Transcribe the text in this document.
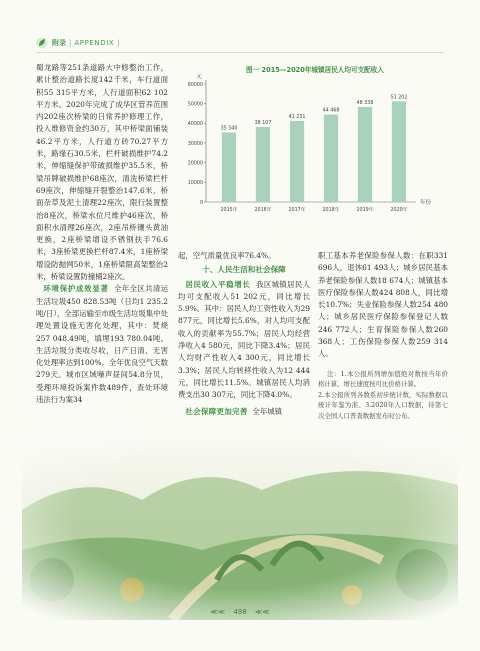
附录 | APPENDIX |

蜀龙路等251条道路大中修整治工作，累计整治道路长度142千米，车行道面积55 315平方米，人行道面积62 102平方米。2020年完成了成华区管养范围内202座次桥梁的日常养护修理工作，投入维修资金约30万，其中桥梁面铺装46.2平方米，人行道方砖70.27平方米，路缘石30.5米，栏杆破损维护74.2米，伸缩缝保护带破损维护35.5米，桥梁吊牌破损维护68座次，清洗桥梁栏杆69座次，伸缩缝开裂整治147.6米，桥面杂草及泥土清理22座次，限行装置整治8座次，桥梁水位尺维护46座次，桥面积水清理26座次，2座吊桥镶头黄油更换，2座桥梁增设不锈钢扶手76.6米，3座桥梁更换栏杆87.4米，1座桥梁增设防抛网50米，1座桥梁限高架整治2米，桥梁设置防撞桶2座次。

环境保护成效显著 全年全区共清运生活垃圾450 828.53吨（日均1 235.2吨/日），全部运输至市级生活垃圾集中处理处置设施无害化处理，其中：焚烧257 048.49吨，填埋193 780.04吨。生活垃圾分类收尽收，日产日清，无害化处理率达到100%。全年优良空气天数279天。城市区域噪声昼间54.8分贝，受理环境投诉案件数489件，查处环境违法行为案34

图一 2015—2020年城镇居民人均可支配收入
元
年份
0
10000
20000
30000
40000
50000
60000
35 340
2015年
38 107
2016年
41 231
2017年
44 468
2018年
48 338
2019年
51 202
2020年

起，空气质量优良率76.4%。

十、人民生活和社会保障

居民收入平稳增长 我区城镇居民人均可支配收入51 202元，同比增长5.9%。其中：居民人均工资性收入为29 877元，同比增长5.6%，对人均可支配收入的贡献率为55.7%；居民人均经营净收入4 580元，同比下降3.4%；居民人均财产性收入4 300元，同比增长3.3%；居民人均转移性收入为12 444元，同比增长11.5%。城镇居民人均消费支出30 307元，同比下降4.0%。

社会保障更加完善 全年城镇

职工基本养老保险参保人数：在职331 696人，退休61 493人；城乡居民基本养老保险参保人数18 674人；城镇基本医疗保险参保人数424 808人，同比增长10.7%；失业保险参保人数254 480人；城乡居民医疗保险参保登记人数246 772人；生育保险参保人数260 368人；工伤保险参保人数259 314人。

注：1.本公报所列增加值绝对数按当年价格计算，增长速度按可比价格计算。

2.本公报所列各数系初步统计数，实际数据以统计年鉴为准。3.2020年人口数据，待第七次全国人口普查数据发布时公布。

≪≪ 498 ≪≪
